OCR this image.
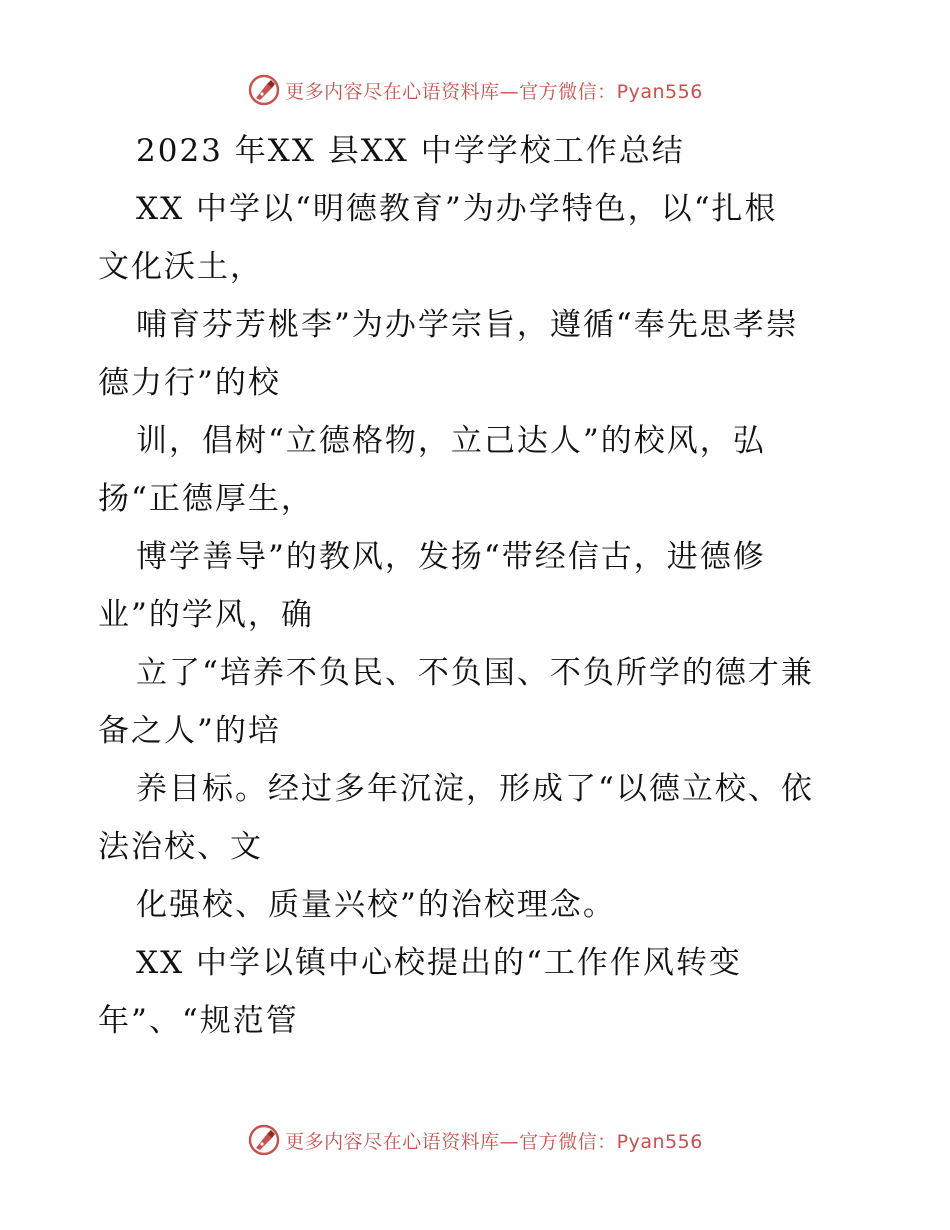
更多内容尽在心语资料库—官方微信：Pyan556
2023 年XX 县XX 中学学校工作总结
XX 中学以“明德教育”为办学特色，以“扎根
文化沃土，
哺育芬芳桃李”为办学宗旨，遵循“奉先思孝崇
德力行”的校
训，倡树“立德格物，立己达人”的校风，弘
扬“正德厚生，
博学善导”的教风，发扬“带经信古，进德修
业”的学风，确
立了“培养不负民、不负国、不负所学的德才兼
备之人”的培
养目标。经过多年沉淀，形成了“以德立校、依
法治校、文
化强校、质量兴校”的治校理念。
XX 中学以镇中心校提出的“工作作风转变
年”、“规范管
更多内容尽在心语资料库—官方微信：Pyan556
